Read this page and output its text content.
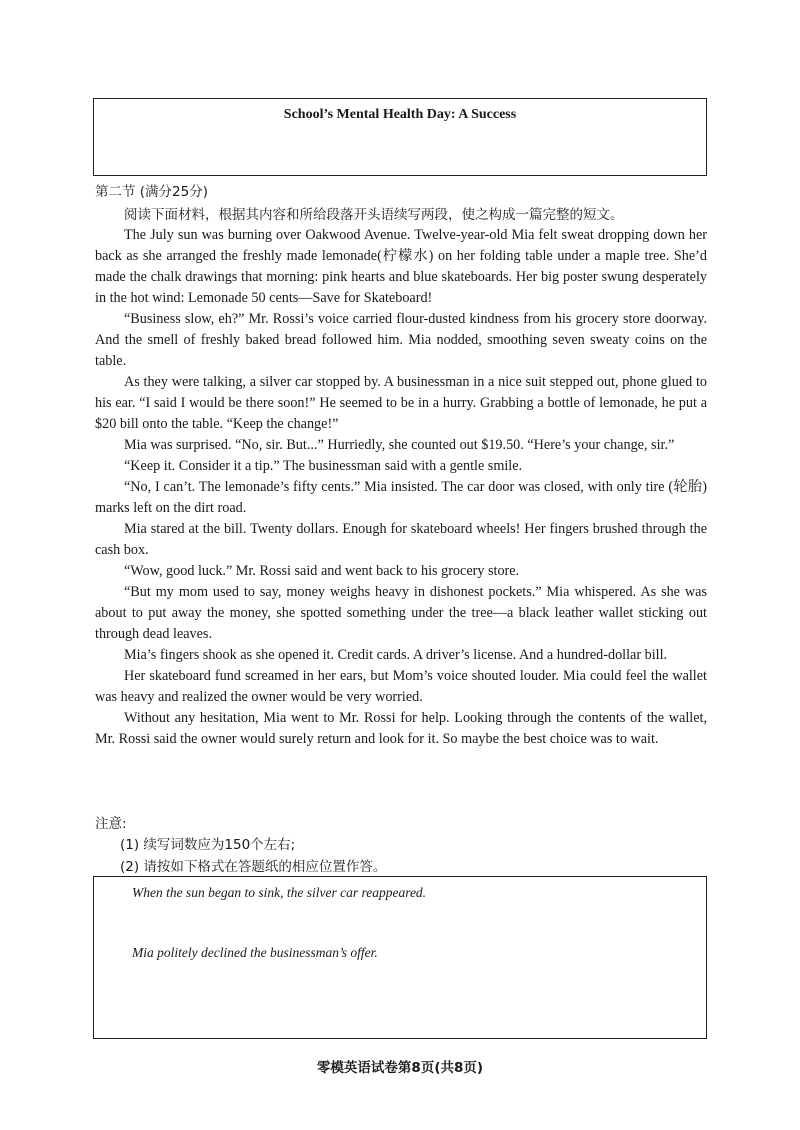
School’s Mental Health Day: A Success
第二节 (满分25分)
阅读下面材料，根据其内容和所给段落开头语续写两段，使之构成一篇完整的短文。

The July sun was burning over Oakwood Avenue. Twelve-year-old Mia felt sweat dropping down her back as she arranged the freshly made lemonade(柠檬水) on her folding table under a maple tree. She’d made the chalk drawings that morning: pink hearts and blue skateboards. Her big poster swung desperately in the hot wind: Lemonade 50 cents—Save for Skateboard!

“Business slow, eh?” Mr. Rossi’s voice carried flour-dusted kindness from his grocery store doorway. And the smell of freshly baked bread followed him. Mia nodded, smoothing seven sweaty coins on the table.

As they were talking, a silver car stopped by. A businessman in a nice suit stepped out, phone glued to his ear. “I said I would be there soon!” He seemed to be in a hurry. Grabbing a bottle of lemonade, he put a $20 bill onto the table. “Keep the change!”

Mia was surprised. “No, sir. But...” Hurriedly, she counted out $19.50. “Here’s your change, sir.”

“Keep it. Consider it a tip.” The businessman said with a gentle smile.

“No, I can’t. The lemonade’s fifty cents.” Mia insisted. The car door was closed, with only tire (轮胎) marks left on the dirt road.

Mia stared at the bill. Twenty dollars. Enough for skateboard wheels! Her fingers brushed through the cash box.

“Wow, good luck.” Mr. Rossi said and went back to his grocery store.

“But my mom used to say, money weighs heavy in dishonest pockets.” Mia whispered. As she was about to put away the money, she spotted something under the tree—a black leather wallet sticking out through dead leaves.

Mia’s fingers shook as she opened it. Credit cards. A driver’s license. And a hundred-dollar bill.

Her skateboard fund screamed in her ears, but Mom’s voice shouted louder. Mia could feel the wallet was heavy and realized the owner would be very worried.

Without any hesitation, Mia went to Mr. Rossi for help. Looking through the contents of the wallet, Mr. Rossi said the owner would surely return and look for it. So maybe the best choice was to wait.

注意:
(1) 续写词数应为150个左右;
(2) 请按如下格式在答题纸的相应位置作答。
When the sun began to sink, the silver car reappeared.
Mia politely declined the businessman’s offer.
零模英语试卷第8页(共8页)
